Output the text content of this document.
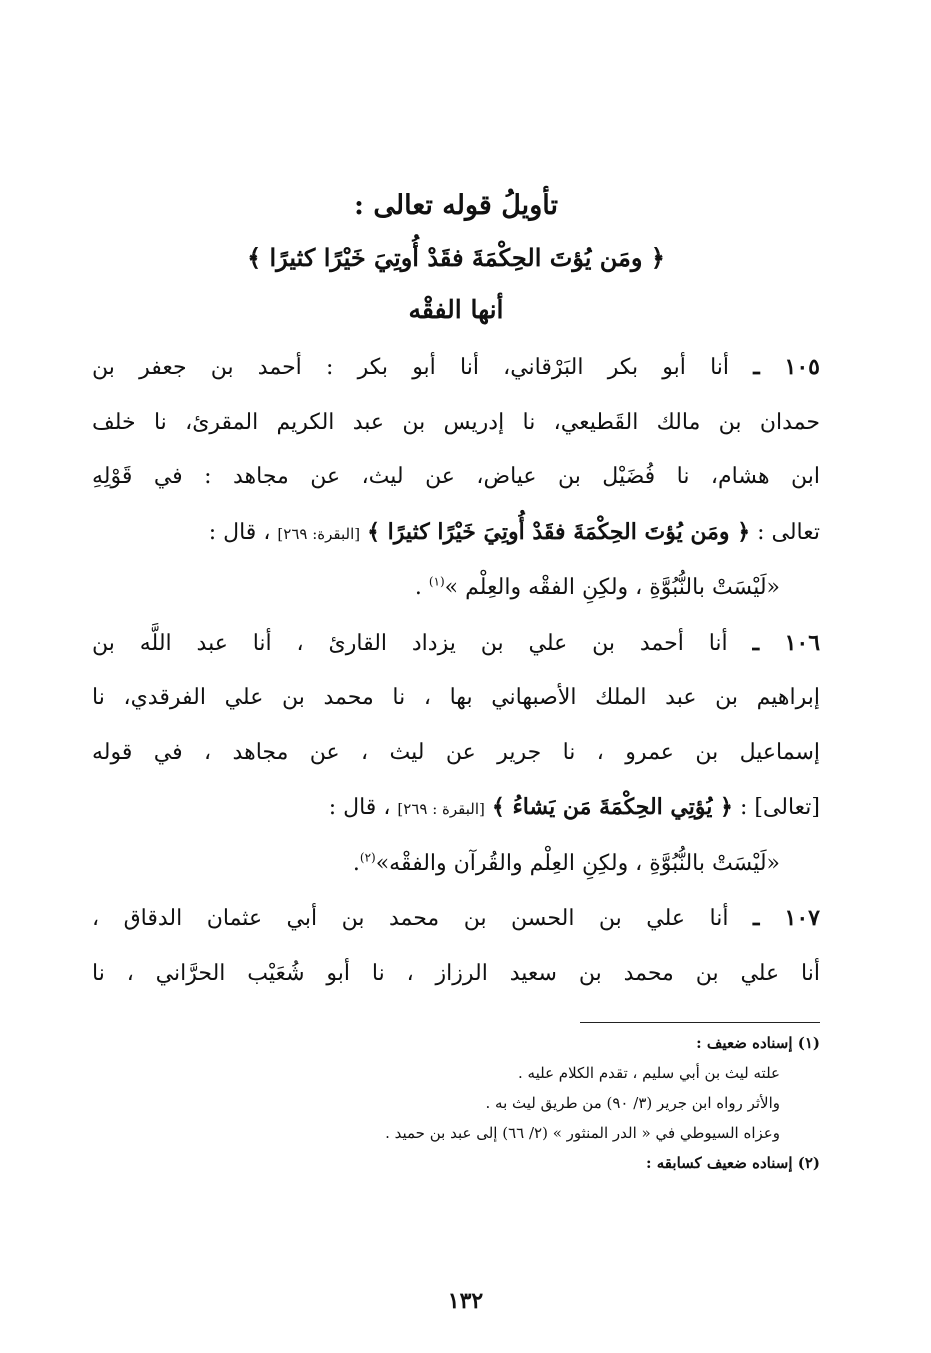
تأويلُ قوله تعالى :

﴿ ومَن يُؤتَ الحِكْمَةَ فقَدْ أُوتِيَ خَيْرًا كثيرًا ﴾

أنها الفقْه

١٠٥ ـ أنا أبو بكر البَرْقاني، أنا أبو بكر : أحمد بن جعفر بن
حمدان بن مالك القَطيعي، نا إدريس بن عبد الكريم المقرئ، نا خلف
ابن هشام، نا فُضَيْل بن عياض، عن ليث، عن مجاهد : في قَوْلِهِ
تعالى : ﴿ ومَن يُؤتَ الحِكْمَةَ فقَدْ أُوتِيَ خَيْرًا كثيرًا ﴾ [البقرة: ٢٦٩] ، قال :
«لَيْسَتْ بالنُّبُوَّةِ ، ولكِنِ الفقْه والعِلْم »$^{(١)}$ .
١٠٦ ـ أنا أحمد بن علي بن يزداد القارئ ، أنا عبد اللَّه بن
إبراهيم بن عبد الملك الأصبهاني بها ، نا محمد بن علي الفرقدي، نا
إسماعيل بن عمرو ، نا جرير عن ليث ، عن مجاهد ، في قوله
[تعالى] : ﴿ يُؤتِي الحِكْمَةَ مَن يَشاءُ ﴾ [البقرة : ٢٦٩] ، قال :
«لَيْسَتْ بالنُّبُوَّةِ ، ولكِنِ العِلْم والقُرآن والفقْه»$^{(٢)}$.
١٠٧ ـ أنا علي بن الحسن بن محمد بن أبي عثمان الدقاق ،
أنا علي بن محمد بن سعيد الرزاز ، نا أبو شُعَيْب الحرَّاني ، نا

(١) إسناده ضعيف :

علته ليث بن أبي سليم ، تقدم الكلام عليه .

والأثر رواه ابن جرير (٣/ ٩٠) من طريق ليث به .

وعزاه السيوطي في « الدر المنثور » (٢/ ٦٦) إلى عبد بن حميد .

(٢) إسناده ضعيف كسابقه :

١٣٢
